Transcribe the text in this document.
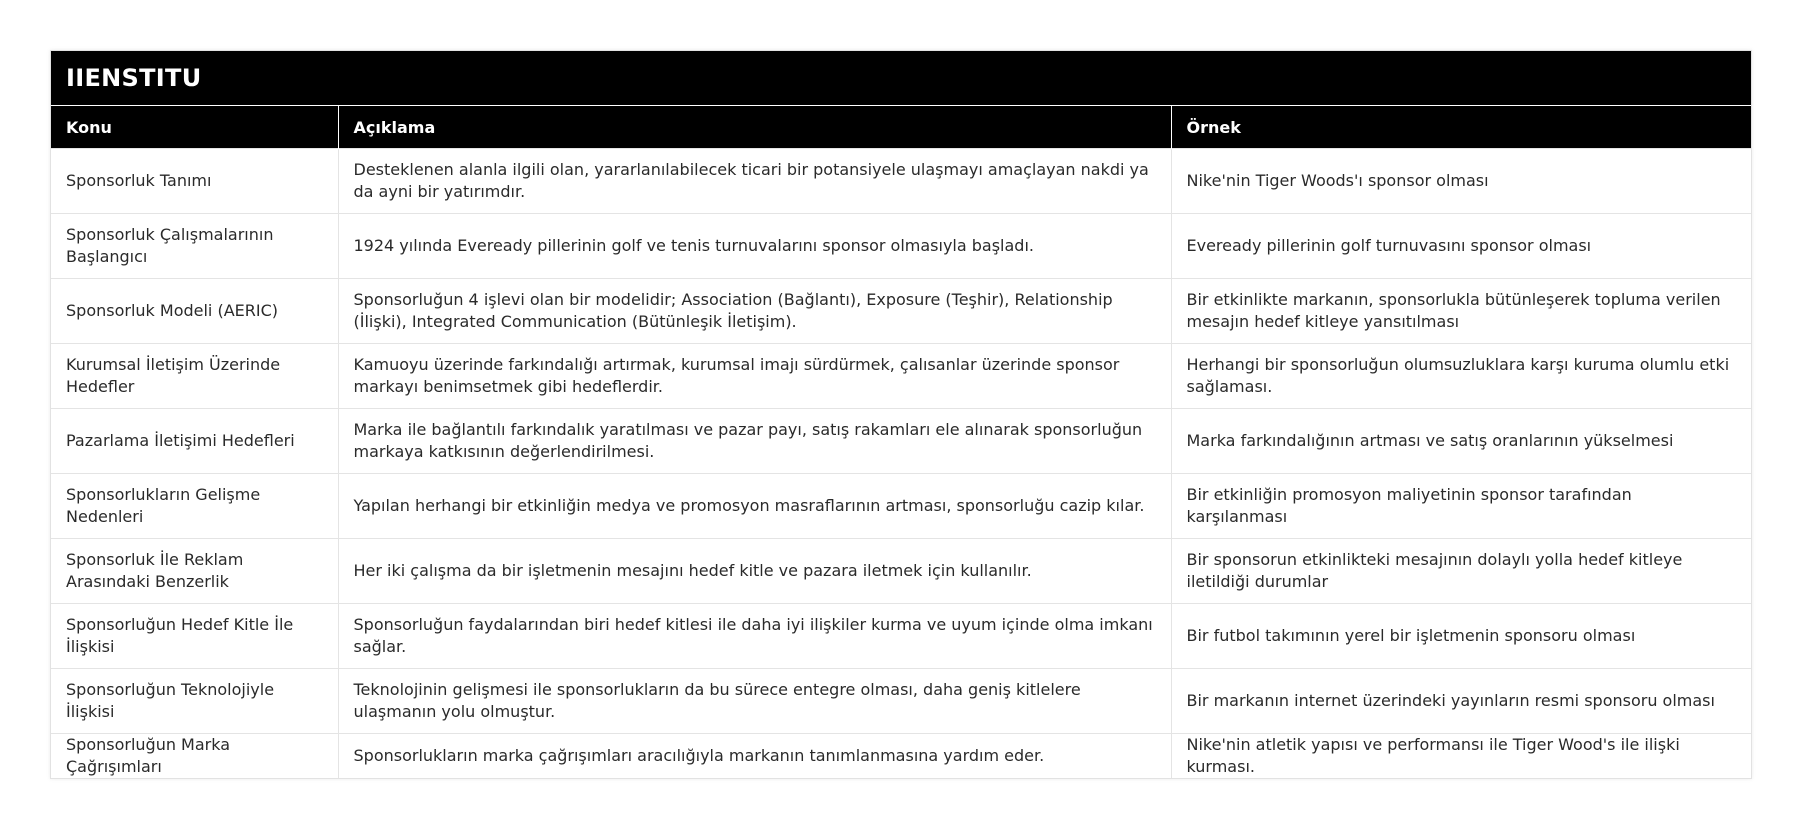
IIENSTITU
Konu	Açıklama	Örnek
Sponsorluk Tanımı	Desteklenen alanla ilgili olan, yararlanılabilecek ticari bir potansiyele ulaşmayı amaçlayan nakdi ya da ayni bir yatırımdır.	Nike'nin Tiger Woods'ı sponsor olması
Sponsorluk Çalışmalarının Başlangıcı	1924 yılında Eveready pillerinin golf ve tenis turnuvalarını sponsor olmasıyla başladı.	Eveready pillerinin golf turnuvasını sponsor olması
Sponsorluk Modeli (AERIC)	Sponsorluğun 4 işlevi olan bir modelidir; Association (Bağlantı), Exposure (Teşhir), Relationship (İlişki), Integrated Communication (Bütünleşik İletişim).	Bir etkinlikte markanın, sponsorlukla bütünleşerek topluma verilen mesajın hedef kitleye yansıtılması
Kurumsal İletişim Üzerinde Hedefler	Kamuoyu üzerinde farkındalığı artırmak, kurumsal imajı sürdürmek, çalısanlar üzerinde sponsor markayı benimsetmek gibi hedeflerdir.	Herhangi bir sponsorluğun olumsuzluklara karşı kuruma olumlu etki sağlaması.
Pazarlama İletişimi Hedefleri	Marka ile bağlantılı farkındalık yaratılması ve pazar payı, satış rakamları ele alınarak sponsorluğun markaya katkısının değerlendirilmesi.	Marka farkındalığının artması ve satış oranlarının yükselmesi
Sponsorlukların Gelişme Nedenleri	Yapılan herhangi bir etkinliğin medya ve promosyon masraflarının artması, sponsorluğu cazip kılar.	Bir etkinliğin promosyon maliyetinin sponsor tarafından karşılanması
Sponsorluk İle Reklam Arasındaki Benzerlik	Her iki çalışma da bir işletmenin mesajını hedef kitle ve pazara iletmek için kullanılır.	Bir sponsorun etkinlikteki mesajının dolaylı yolla hedef kitleye iletildiği durumlar
Sponsorluğun Hedef Kitle İle İlişkisi	Sponsorluğun faydalarından biri hedef kitlesi ile daha iyi ilişkiler kurma ve uyum içinde olma imkanı sağlar.	Bir futbol takımının yerel bir işletmenin sponsoru olması
Sponsorluğun Teknolojiyle İlişkisi	Teknolojinin gelişmesi ile sponsorlukların da bu sürece entegre olması, daha geniş kitlelere ulaşmanın yolu olmuştur.	Bir markanın internet üzerindeki yayınların resmi sponsoru olması
Sponsorluğun Marka Çağrışımları	Sponsorlukların marka çağrışımları aracılığıyla markanın tanımlanmasına yardım eder.	Nike'nin atletik yapısı ve performansı ile Tiger Wood's ile ilişki kurması.
